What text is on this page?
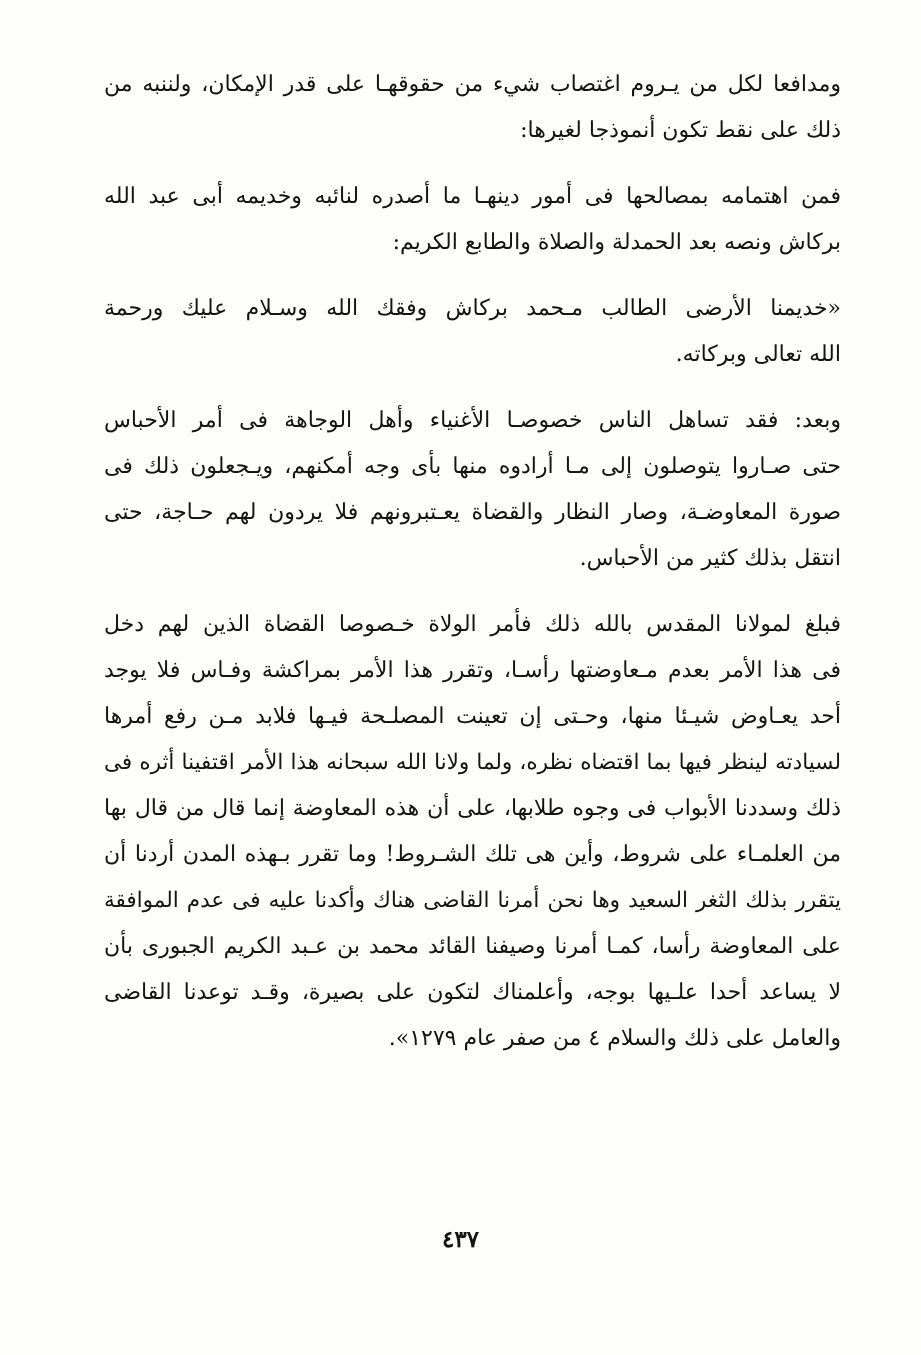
ومدافعا لكل من يـروم اغتصاب شيء من حقوقهـا على قدر الإمكان، ولننبه من
ذلك على نقط تكون أنموذجا لغيرها:
فمن اهتمامه بمصالحها فى أمور دينهـا ما أصدره لنائبه وخديمه أبى عبد الله
بركاش ونصه بعد الحمدلة والصلاة والطابع الكريم:
«خديمنا الأرضى الطالب مـحمد بركاش وفقك الله وسـلام عليك ورحمة
الله تعالى وبركاته.
وبعد: فقد تساهل الناس خصوصـا الأغنياء وأهل الوجاهة فى أمر الأحباس
حتى صـاروا يتوصلون إلى مـا أرادوه منها بأى وجه أمكنهم، ويـجعلون ذلك فى
صورة المعاوضـة، وصار النظار والقضاة يعـتبرونهم فلا يردون لهم حـاجة، حتى
انتقل بذلك كثير من الأحباس.
فبلغ لمولانا المقدس بالله ذلك فأمر الولاة خـصوصا القضاة الذين لهم دخل
فى هذا الأمر بعدم مـعاوضتها رأسـا، وتقرر هذا الأمر بمراكشة وفـاس فلا يوجد
أحد يعـاوض شيـئا منها، وحـتى إن تعينت المصلـحة فيـها فلابد مـن رفع أمرها
لسيادته لينظر فيها بما اقتضاه نظره، ولما ولانا الله سبحانه هذا الأمر اقتفينا أثره فى
ذلك وسددنا الأبواب فى وجوه طلابها، على أن هذه المعاوضة إنما قال من قال بها
من العلمـاء على شروط، وأين هى تلك الشـروط! وما تقرر بـهذه المدن أردنا أن
يتقرر بذلك الثغر السعيد وها نحن أمرنا القاضى هناك وأكدنا عليه فى عدم الموافقة
على المعاوضة رأسا، كمـا أمرنا وصيفنا القائد محمد بن عـبد الكريم الجبورى بأن
لا يساعد أحدا علـيها بوجه، وأعلمناك لتكون على بصيرة، وقـد توعدنا القاضى
والعامل على ذلك والسلام ٤ من صفر عام ١٢٧٩».
٤٣٧
